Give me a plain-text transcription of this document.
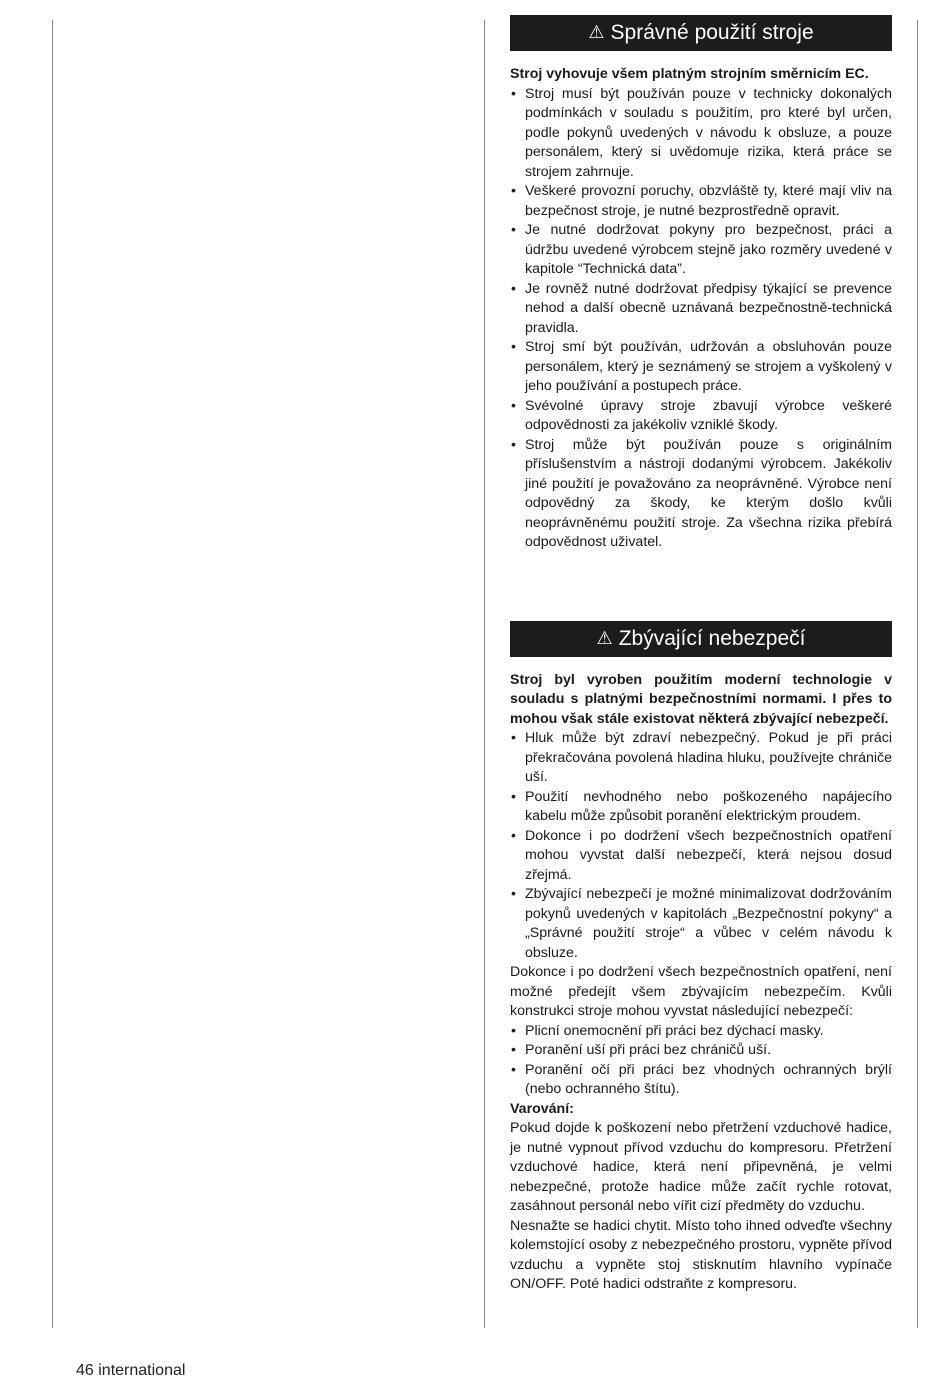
⚠ Správné použití stroje

Stroj vyhovuje všem platným strojním směrnicím EC.

• Stroj musí být používán pouze v technicky dokonalých podmínkách v souladu s použitím, pro které byl určen, podle pokynů uvedených v návodu k obsluze, a pouze personálem, který si uvědomuje rizika, která práce se strojem zahrnuje.
• Veškeré provozní poruchy, obzvláště ty, které mají vliv na bezpečnost stroje, je nutné bezprostředně opravit.
• Je nutné dodržovat pokyny pro bezpečnost, práci a údržbu uvedené výrobcem stejně jako rozměry uvedené v kapitole “Technická data”.
• Je rovněž nutné dodržovat předpisy týkající se prevence nehod a další obecně uznávaná bezpečnostně-technická pravidla.
• Stroj smí být používán, udržován a obsluhován pouze personálem, který je seznámený se strojem a vyškolený v jeho používání a postupech práce.
• Svévolné úpravy stroje zbavují výrobce veškeré odpovědnosti za jakékoliv vzniklé škody.
• Stroj může být používán pouze s originálním příslušenstvím a nástroji dodanými výrobcem. Jakékoliv jiné použití je považováno za neoprávněné. Výrobce není odpovědný za škody, ke kterým došlo kvůli neoprávněnému použití stroje. Za všechna rizika přebírá odpovědnost uživatel.
⚠ Zbývající nebezpečí

Stroj byl vyroben použitím moderní technologie v souladu s platnými bezpečnostními normami. I přes to mohou však stále existovat některá zbývající nebezpečí.

• Hluk může být zdraví nebezpečný. Pokud je při práci překračována povolená hladina hluku, používejte chrániče uší.
• Použití nevhodného nebo poškozeného napájecího kabelu může způsobit poranění elektrickým proudem.
• Dokonce i po dodržení všech bezpečnostních opatření mohou vyvstat další nebezpečí, která nejsou dosud zřejmá.
• Zbývající nebezpečí je možné minimalizovat dodržováním pokynů uvedených v kapitolách „Bezpečnostní pokyny“ a „Správné použití stroje“ a vůbec v celém návodu k obsluze.

Dokonce i po dodržení všech bezpečnostních opatření, není možné předejít všem zbývajícím nebezpečím. Kvůli konstrukci stroje mohou vyvstat následující nebezpečí:

• Plicní onemocnění při práci bez dýchací masky.
• Poranění uší při práci bez chráničů uší.
• Poranění očí při práci bez vhodných ochranných brýlí (nebo ochranného štítu).

Varování:

Pokud dojde k poškození nebo přetržení vzduchové hadice, je nutné vypnout přívod vzduchu do kompresoru. Přetržení vzduchové hadice, která není připevněná, je velmi nebezpečné, protože hadice může začít rychle rotovat, zasáhnout personál nebo vířit cizí předměty do vzduchu.

Nesnažte se hadici chytit. Místo toho ihned odveďte všechny kolemstojící osoby z nebezpečného prostoru, vypněte přívod vzduchu a vypněte stoj stisknutím hlavního vypínače ON/OFF. Poté hadici odstraňte z kompresoru.

46 international
